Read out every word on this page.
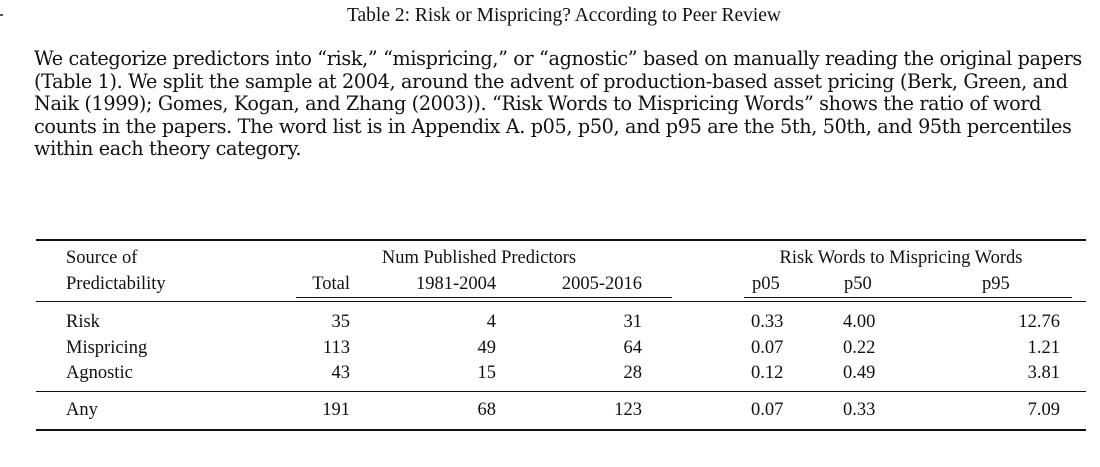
Table 2: Risk or Mispricing? According to Peer Review
We categorize predictors into “risk,” “mispricing,” or “agnostic” based on manually reading the original papers (Table 1). We split the sample at 2004, around the advent of production-based asset pricing (Berk, Green, and Naik (1999); Gomes, Kogan, and Zhang (2003)). “Risk Words to Mispricing Words” shows the ratio of word counts in the papers. The word list is in Appendix A. p05, p50, and p95 are the 5th, 50th, and 95th percentiles within each theory category.
Source of
Predictability
Num Published Predictors	Risk Words to Mispricing Words
Total	1981-2004	2005-2016	p05	p50	p95
Risk	35	4	31	0.33	4.00	12.76
Mispricing	113	49	64	0.07	0.22	1.21
Agnostic	43	15	28	0.12	0.49	3.81
Any	191	68	123	0.07	0.33	7.09
